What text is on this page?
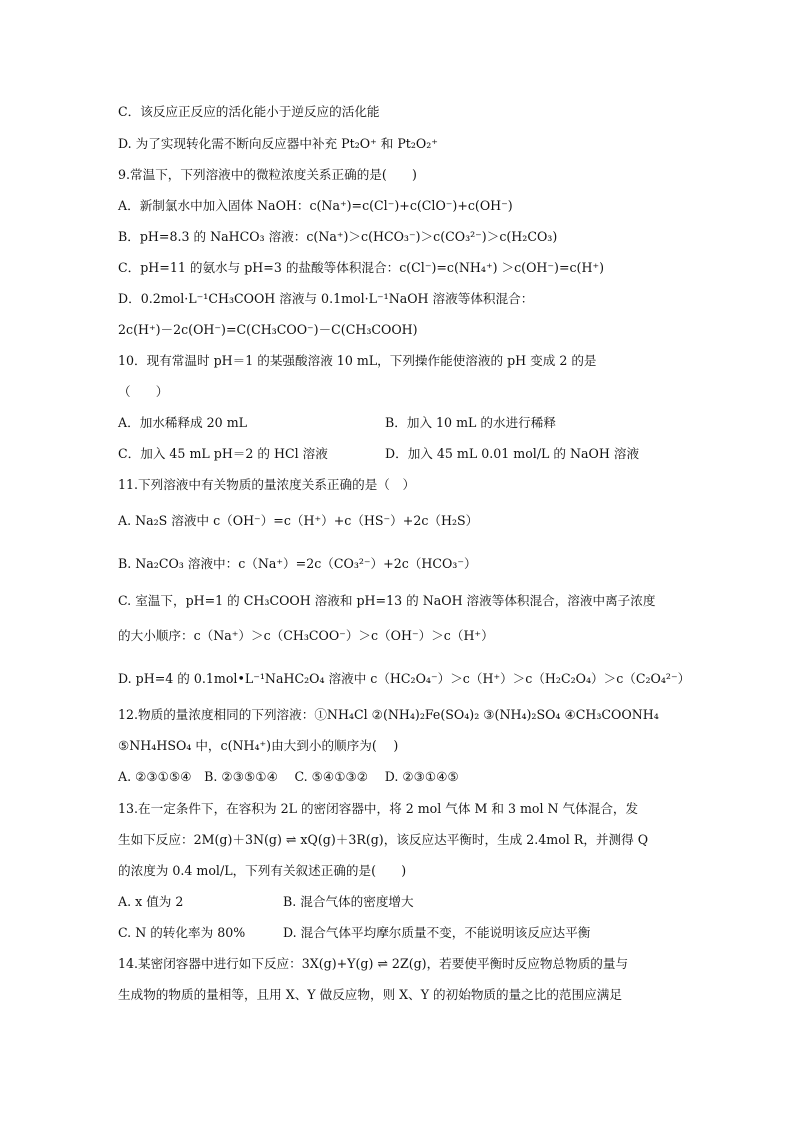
C．该反应正反应的活化能小于逆反应的活化能
D. 为了实现转化需不断向反应器中补充 Pt₂O⁺ 和 Pt₂O₂⁺
9.常温下，下列溶液中的微粒浓度关系正确的是(　　)
A．新制氯水中加入固体 NaOH：c(Na⁺)=c(Cl⁻)+c(ClO⁻)+c(OH⁻)
B．pH=8.3 的 NaHCO₃ 溶液：c(Na⁺)＞c(HCO₃⁻)＞c(CO₃²⁻)＞c(H₂CO₃)
C．pH=11 的氨水与 pH=3 的盐酸等体积混合：c(Cl⁻)=c(NH₄⁺) ＞c(OH⁻)=c(H⁺)
D．0.2mol·L⁻¹CH₃COOH 溶液与 0.1mol·L⁻¹NaOH 溶液等体积混合：
2c(H⁺)－2c(OH⁻)=C(CH₃COO⁻)－C(CH₃COOH)
10．现有常温时 pH＝1 的某强酸溶液 10 mL，下列操作能使溶液的 pH 变成 2 的是
（　　）
A．加水稀释成 20 mL	B．加入 10 mL 的水进行稀释
C．加入 45 mL pH＝2 的 HCl 溶液	D．加入 45 mL 0.01 mol/L 的 NaOH 溶液
11.下列溶液中有关物质的量浓度关系正确的是（　）
A. Na₂S 溶液中 c（OH⁻）=c（H⁺）+c（HS⁻）+2c（H₂S）
B. Na₂CO₃ 溶液中：c（Na⁺）=2c（CO₃²⁻）+2c（HCO₃⁻）
C. 室温下，pH=1 的 CH₃COOH 溶液和 pH=13 的 NaOH 溶液等体积混合，溶液中离子浓度
的大小顺序：c（Na⁺）＞c（CH₃COO⁻）＞c（OH⁻）＞c（H⁺）
D. pH=4 的 0.1mol•L⁻¹NaHC₂O₄ 溶液中 c（HC₂O₄⁻）＞c（H⁺）＞c（H₂C₂O₄）＞c（C₂O₄²⁻）
12.物质的量浓度相同的下列溶液：①NH₄Cl ②(NH₄)₂Fe(SO₄)₂ ③(NH₄)₂SO₄ ④CH₃COONH₄
⑤NH₄HSO₄ 中，c(NH₄⁺)由大到小的顺序为(　 )
A. ②③①⑤④　B. ②③⑤①④　 C. ⑤④①③②　 D. ②③①④⑤
13.在一定条件下，在容积为 2L 的密闭容器中，将 2 mol 气体 M 和 3 mol N 气体混合，发
生如下反应：2M(g)＋3N(g) ⇌ xQ(g)＋3R(g)，该反应达平衡时，生成 2.4mol R，并测得 Q
的浓度为 0.4 mol/L，下列有关叙述正确的是(　　)
A. x 值为 2	B. 混合气体的密度增大
C. N 的转化率为 80%	D. 混合气体平均摩尔质量不变，不能说明该反应达平衡
14.某密闭容器中进行如下反应：3X(g)+Y(g) ⇌ 2Z(g)，若要使平衡时反应物总物质的量与
生成物的物质的量相等，且用 X、Y 做反应物，则 X、Y 的初始物质的量之比的范围应满足
